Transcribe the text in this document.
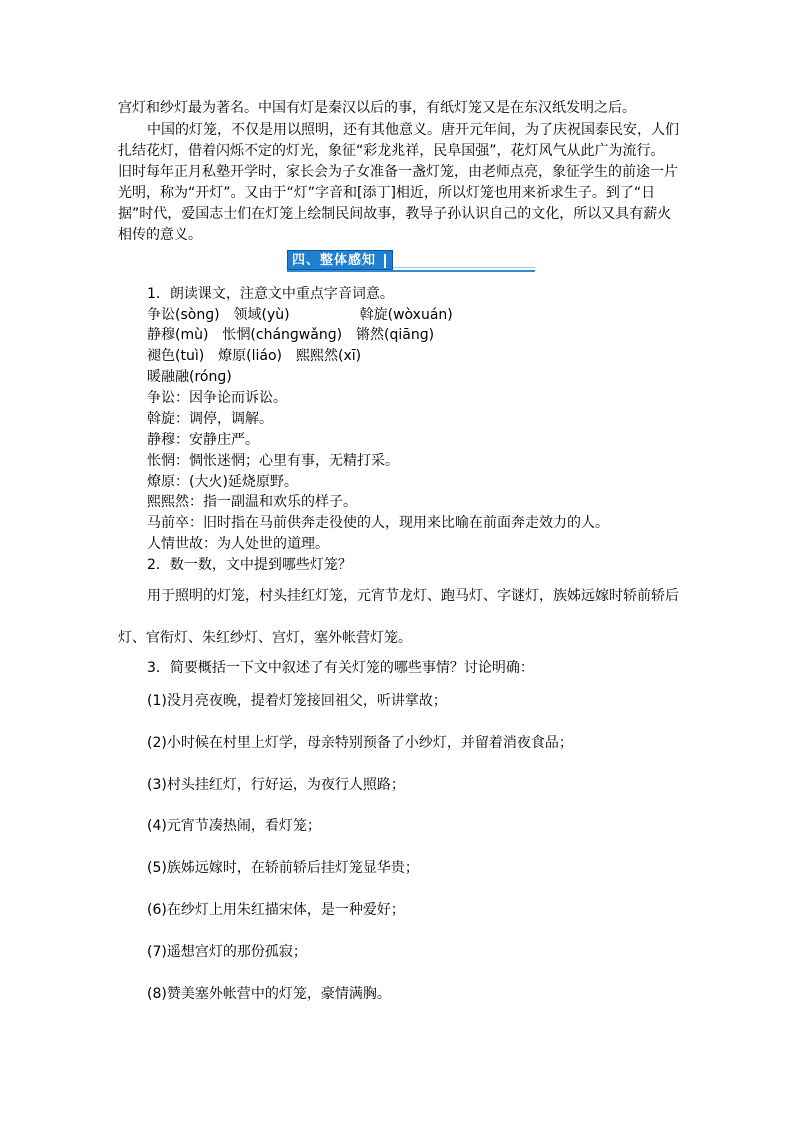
宫灯和纱灯最为著名。中国有灯是秦汉以后的事，有纸灯笼又是在东汉纸发明之后。
中国的灯笼，不仅是用以照明，还有其他意义。唐开元年间，为了庆祝国泰民安，人们
扎结花灯，借着闪烁不定的灯光，象征“彩龙兆祥，民阜国强”，花灯风气从此广为流行。
旧时每年正月私塾开学时，家长会为子女准备一盏灯笼，由老师点亮，象征学生的前途一片
光明，称为“开灯”。又由于“灯”字音和[添丁]相近，所以灯笼也用来祈求生子。到了“日
据”时代，爱国志士们在灯笼上绘制民间故事，教导子孙认识自己的文化，所以又具有薪火
相传的意义。
四、整体感知
1．朗读课文，注意文中重点字音词意。
争讼(sònɡ)　领域(yù)　　　　　斡旋(wòxuán)
静穆(mù)　怅惘(chánɡwǎnɡ)　锵然(qiānɡ)
褪色(tuì)　燎原(liáo)　熙熙然(xī)
暖融融(rónɡ)
争讼：因争论而诉讼。
斡旋：调停，调解。
静穆：安静庄严。
怅惘：惆怅迷惘；心里有事，无精打采。
燎原：(大火)延烧原野。
熙熙然：指一副温和欢乐的样子。
马前卒：旧时指在马前供奔走役使的人，现用来比喻在前面奔走效力的人。
人情世故：为人处世的道理。
2．数一数，文中提到哪些灯笼？
用于照明的灯笼，村头挂红灯笼，元宵节龙灯、跑马灯、字谜灯，族姊远嫁时轿前轿后
灯、官衔灯、朱红纱灯、宫灯，塞外帐营灯笼。
3．简要概括一下文中叙述了有关灯笼的哪些事情？讨论明确：
(1)没月亮夜晚，提着灯笼接回祖父，听讲掌故；
(2)小时候在村里上灯学，母亲特别预备了小纱灯，并留着消夜食品；
(3)村头挂红灯，行好运，为夜行人照路；
(4)元宵节凑热闹，看灯笼；
(5)族姊远嫁时，在轿前轿后挂灯笼显华贵；
(6)在纱灯上用朱红描宋体，是一种爱好；
(7)遥想宫灯的那份孤寂；
(8)赞美塞外帐营中的灯笼，豪情满胸。
